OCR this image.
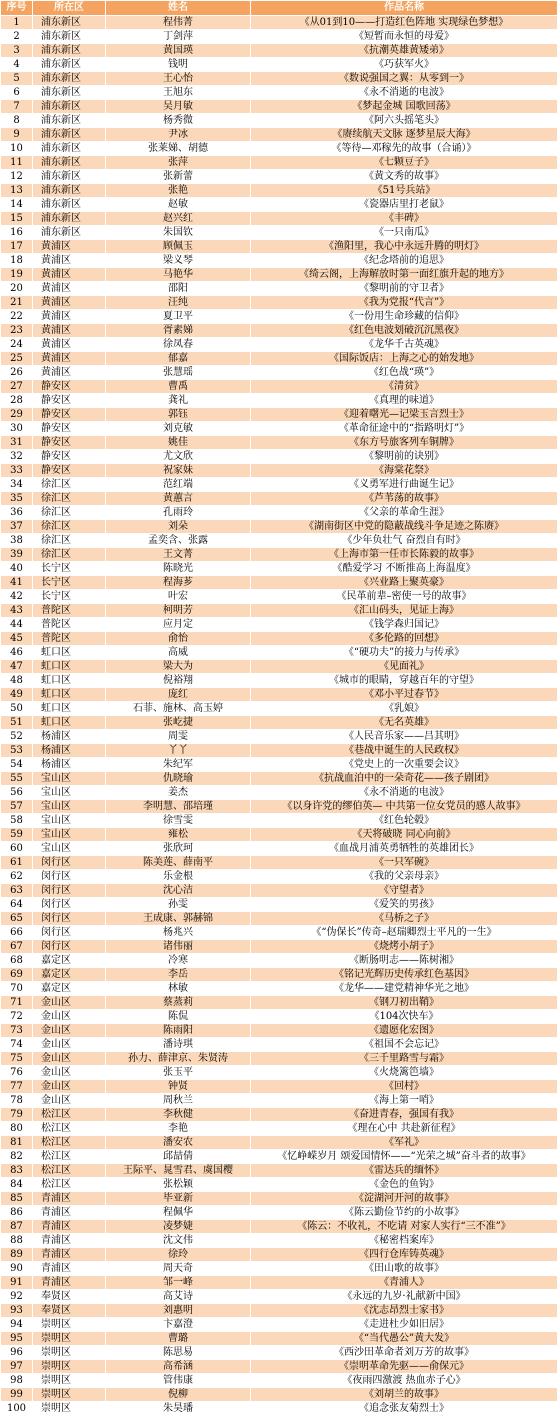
序号	所在区	姓名	作品名称
1	浦东新区	程伟菁	《从01到10——打造红色阵地 实现绿色梦想》
2	浦东新区	丁剑萍	《短暂而永恒的母爱》
3	浦东新区	黄国瑛	《抗潮英雄黄矮弟》
4	浦东新区	钱明	《巧获军火》
5	浦东新区	王心怡	《数说强国之翼：从零到一》
6	浦东新区	王旭东	《永不消逝的电波》
7	浦东新区	吴月敏	《梦起金城 国歌回荡》
8	浦东新区	杨秀微	《阿六头摇笔头》
9	浦东新区	尹冰	《赓续航天文脉 逐梦星辰大海》
10	浦东新区	张莱娣、胡德	《等待—邓稼先的故事（合诵）》
11	浦东新区	张萍	《七颗豆子》
12	浦东新区	张新蕾	《黄文秀的故事》
13	浦东新区	张艳	《51号兵站》
14	浦东新区	赵敏	《瓷器店里打老鼠》
15	浦东新区	赵兴红	《丰碑》
16	浦东新区	朱国钦	《一只南瓜》
17	黄浦区	顾佩玉	《渔阳里，我心中永远升腾的明灯》
18	黄浦区	梁义琴	《纪念塔前的追思》
19	黄浦区	马艳华	《绮云阁，上海解放时第一面红旗升起的地方》
20	黄浦区	邵阳	《黎明前的守卫者》
21	黄浦区	汪纯	《我为党报“代言”》
22	黄浦区	夏卫平	《一份用生命珍藏的信仰》
23	黄浦区	胥素娣	《红色电波划破沉沉黑夜》
24	黄浦区	徐凤春	《龙华千古英魂》
25	黄浦区	郁嘉	《国际饭店：上海之心的始发地》
26	黄浦区	张慧瑶	《红色战“瑛”》
27	静安区	曹禹	《清贫》
28	静安区	龚礼	《真理的味道》
29	静安区	郭钰	《迎着曙光—记梁玉言烈士》
30	静安区	刘克敏	《革命征途中的“指路明灯”》
31	静安区	姚佳	《东方号旅客列车铜牌》
32	静安区	尤文欣	《黎明前的诀别》
33	静安区	祝家妹	《海棠花祭》
34	徐汇区	范红端	《义勇军进行曲诞生记》
35	徐汇区	黄蕙言	《芦苇荡的故事》
36	徐汇区	孔雨玲	《父亲的革命生涯》
37	徐汇区	刘朵	《湖南街区中党的隐蔽战线斗争足迹之陈赓》
38	徐汇区	孟奕含、张露	《少年负壮气 奋烈自有时》
39	徐汇区	王文菁	《上海市第一任市长陈毅的故事》
40	长宁区	陈晓光	《酷爱学习 不断推高上海温度》
41	长宁区	程海芗	《兴业路上聚英豪》
42	长宁区	叶宏	《民革前辈–密使一号的故事》
43	普陀区	柯明芳	《汇山码头，见证上海》
44	普陀区	应月定	《钱学森归国记》
45	普陀区	俞怡	《多伦路的回想》
46	虹口区	高威	《“硬功夫”的接力与传承》
47	虹口区	梁大为	《见面礼》
48	虹口区	倪裕翔	《城市的眼睛，穿越百年的守望》
49	虹口区	庞红	《邓小平过春节》
50	虹口区	石菲、施林、高玉婷	《乳娘》
51	虹口区	张屹捷	《无名英雄》
52	杨浦区	周雯	《人民音乐家——吕其明》
53	杨浦区	丫丫	《巷战中诞生的人民政权》
54	杨浦区	朱纪军	《党史上的一次重要会议》
55	宝山区	仇晓瑜	《抗战血泊中的一朵奇花——孩子剧团》
56	宝山区	姜杰	《永不消逝的电波》
57	宝山区	李明慧、邵培瑾	《以身许党的缪伯英— 中共第一位女党员的感人故事》
58	宝山区	徐雪雯	《红色轮毂》
59	宝山区	雍松	《天将破晓 同心向前》
60	宝山区	张欣珂	《血战月浦英勇牺牲的英雄团长》
61	闵行区	陈美莲、薛南平	《一只军碗》
62	闵行区	乐金根	《我的父亲母亲》
63	闵行区	沈心洁	《守望者》
64	闵行区	孙雯	《爱笑的男孩》
65	闵行区	王成康、郭赫锦	《马桥之子》
66	闵行区	杨兆兴	《“伪保长”传奇–赵瑞卿烈士平凡的一生》
67	闵行区	诸伟丽	《烧烤小胡子》
68	嘉定区	冷寒	《断肠明志——陈树湘》
69	嘉定区	李岳	《铭记光辉历史传承红色基因》
70	嘉定区	林敏	《龙华——建党精神华光之地》
71	金山区	蔡蒸莉	《钢刀初出鞘》
72	金山区	陈侃	《104次快车》
73	金山区	陈雨阳	《遗愿化宏图》
74	金山区	潘诗琪	《祖国不会忘记》
75	金山区	孙力、薛津京、朱贤涛	《三千里路雪与霜》
76	金山区	张玉平	《火烧篱笆墙》
77	金山区	钟贤	《回村》
78	金山区	周秋兰	《海上第一哨》
79	松江区	李秋健	《奋进青春，强国有我》
80	松江区	李艳	《理在心中 共赴新征程》
81	松江区	潘安农	《军礼》
82	松江区	邱喆倩	《忆峥嵘岁月 颂爱国情怀——“光荣之城”奋斗者的故事》
83	松江区	王际平、晁雪君、虞国樱	《雷达兵的缅怀》
84	松江区	张松颖	《金色的鱼钩》
85	青浦区	毕亚新	《淀湖河开河的故事》
86	青浦区	程佩华	《陈云勤俭节约的小故事》
87	青浦区	凌梦婕	《陈云：不收礼，不吃请 对家人实行“三不准”》
88	青浦区	沈文伟	《秘密档案库》
89	青浦区	徐玲	《四行仓库铸英魂》
90	青浦区	周天奇	《田山歌的故事》
91	青浦区	邹一峰	《青浦人》
92	奉贤区	高艾诗	《永远的九岁·礼献新中国》
93	奉贤区	刘惠明	《沈志昂烈士家书》
94	崇明区	卞嘉澄	《走进杜少如旧居》
95	崇明区	曹璐	《“当代愚公”黄大发》
96	崇明区	陈思易	《西沙田革命者刘万芳的故事》
97	崇明区	高希涵	《崇明革命先驱——俞保元》
98	崇明区	管伟康	《夜雨四激渡 热血赤子心》
99	崇明区	倪柳	《刘胡兰的故事》
100	崇明区	朱昊璠	《追念张友菊烈士》
